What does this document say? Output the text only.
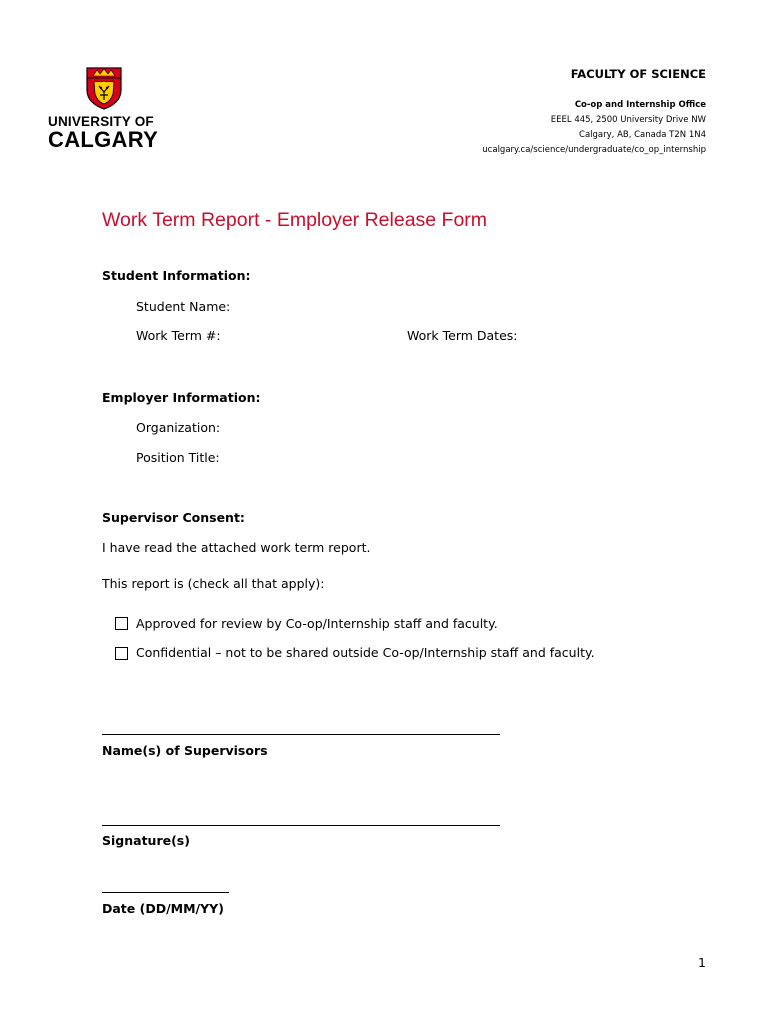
UNIVERSITY OF
CALGARY
FACULTY OF SCIENCE
Co-op and Internship Office
EEEL 445, 2500 University Drive NW
Calgary, AB, Canada T2N 1N4
ucalgary.ca/science/undergraduate/co_op_internship
Work Term Report - Employer Release Form
Student Information:
Student Name:
Work Term #:	Work Term Dates:
Employer Information:
Organization:
Position Title:
Supervisor Consent:
I have read the attached work term report.
This report is (check all that apply):
Approved for review by Co-op/Internship staff and faculty.
Confidential – not to be shared outside Co-op/Internship staff and faculty.
Name(s) of Supervisors
Signature(s)
Date (DD/MM/YY)
1
